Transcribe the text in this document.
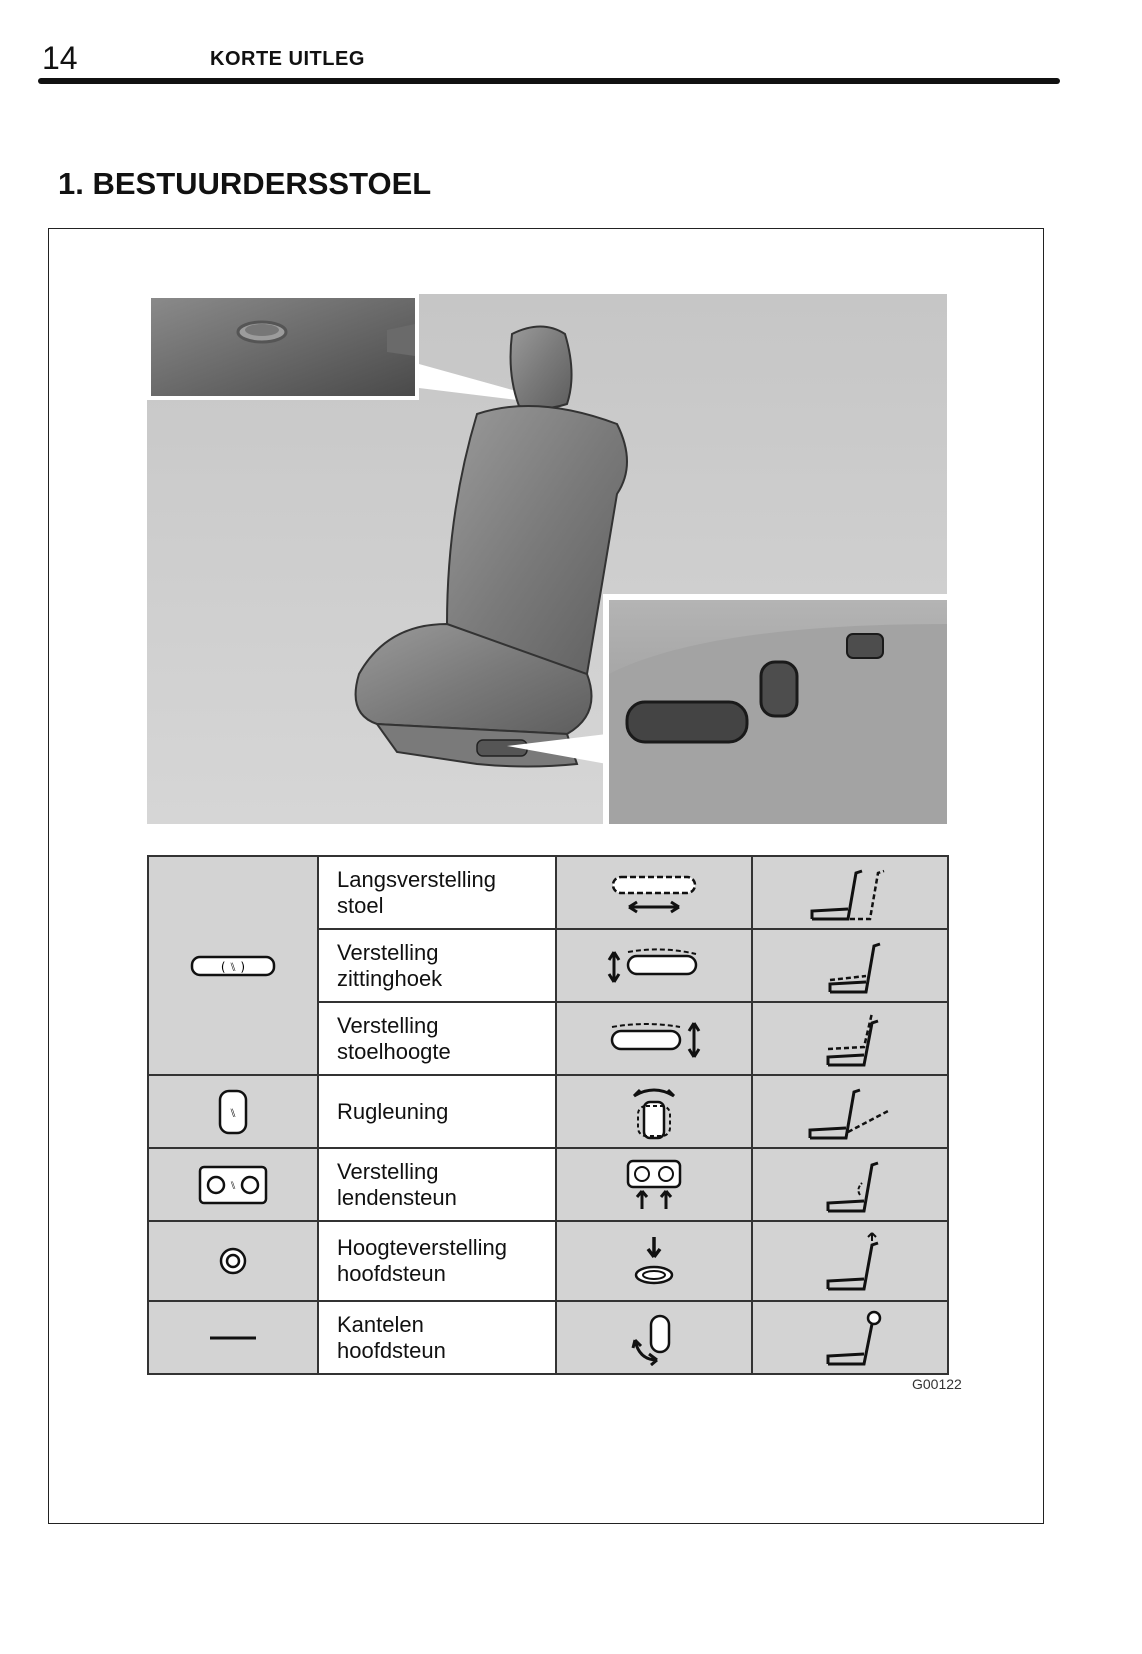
14	KORTE UITLEG
1. BESTUURDERSSTOEL
( ⑊ )	Langsverstelling
stoel

	Verstelling
zittinghoek

	Verstelling
stoelhoogte

⑊	Rugleuning

⑊	Verstelling
lendensteun

Hoogteverstelling
hoofdsteun

Kantelen
hoofdsteun

G00122
